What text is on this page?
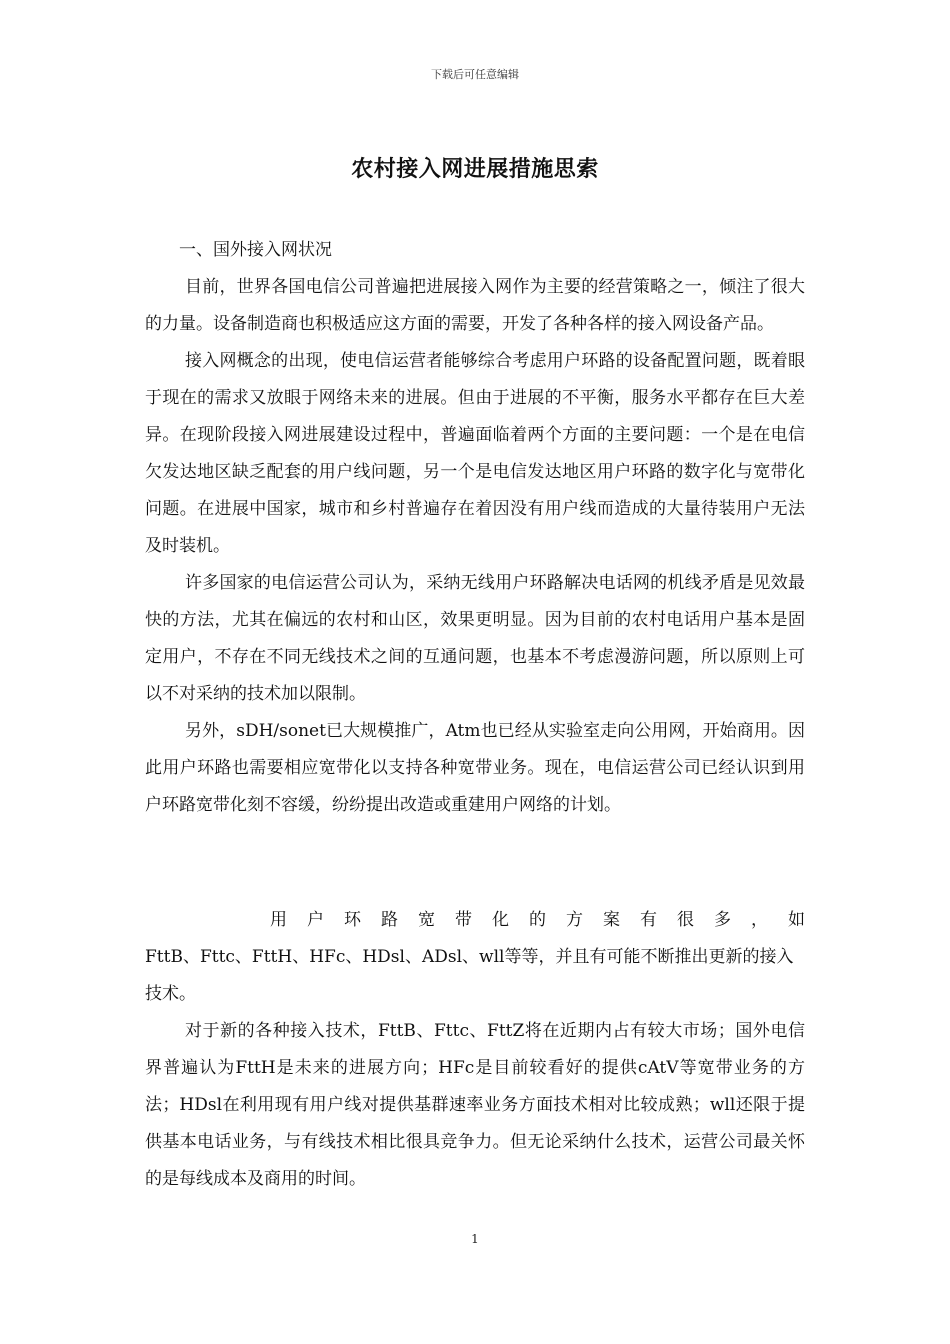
下载后可任意编辑
农村接入网进展措施思索
一、国外接入网状况

目前，世界各国电信公司普遍把进展接入网作为主要的经营策略之一，倾注了很大的力量。设备制造商也积极适应这方面的需要，开发了各种各样的接入网设备产品。

接入网概念的出现，使电信运营者能够综合考虑用户环路的设备配置问题，既着眼于现在的需求又放眼于网络未来的进展。但由于进展的不平衡，服务水平都存在巨大差异。在现阶段接入网进展建设过程中，普遍面临着两个方面的主要问题：一个是在电信欠发达地区缺乏配套的用户线问题，另一个是电信发达地区用户环路的数字化与宽带化问题。在进展中国家，城市和乡村普遍存在着因没有用户线而造成的大量待装用户无法及时装机。

许多国家的电信运营公司认为，采纳无线用户环路解决电话网的机线矛盾是见效最快的方法，尤其在偏远的农村和山区，效果更明显。因为目前的农村电话用户基本是固定用户，不存在不同无线技术之间的互通问题，也基本不考虑漫游问题，所以原则上可以不对采纳的技术加以限制。

另外，sDH/sonet已大规模推广，Atm也已经从实验室走向公用网，开始商用。因此用户环路也需要相应宽带化以支持各种宽带业务。现在，电信运营公司已经认识到用户环路宽带化刻不容缓，纷纷提出改造或重建用户网络的计划。

用户环路宽带化的方案有很多，如
FttB、Fttc、FttH、HFc、HDsl、ADsl、wll等等，并且有可能不断推出更新的接入技术。

对于新的各种接入技术，FttB、Fttc、FttZ将在近期内占有较大市场；国外电信界普遍认为FttH是未来的进展方向；HFc是目前较看好的提供cAtV等宽带业务的方法；HDsl在利用现有用户线对提供基群速率业务方面技术相对比较成熟；wll还限于提供基本电话业务，与有线技术相比很具竞争力。但无论采纳什么技术，运营公司最关怀的是每线成本及商用的时间。

1
